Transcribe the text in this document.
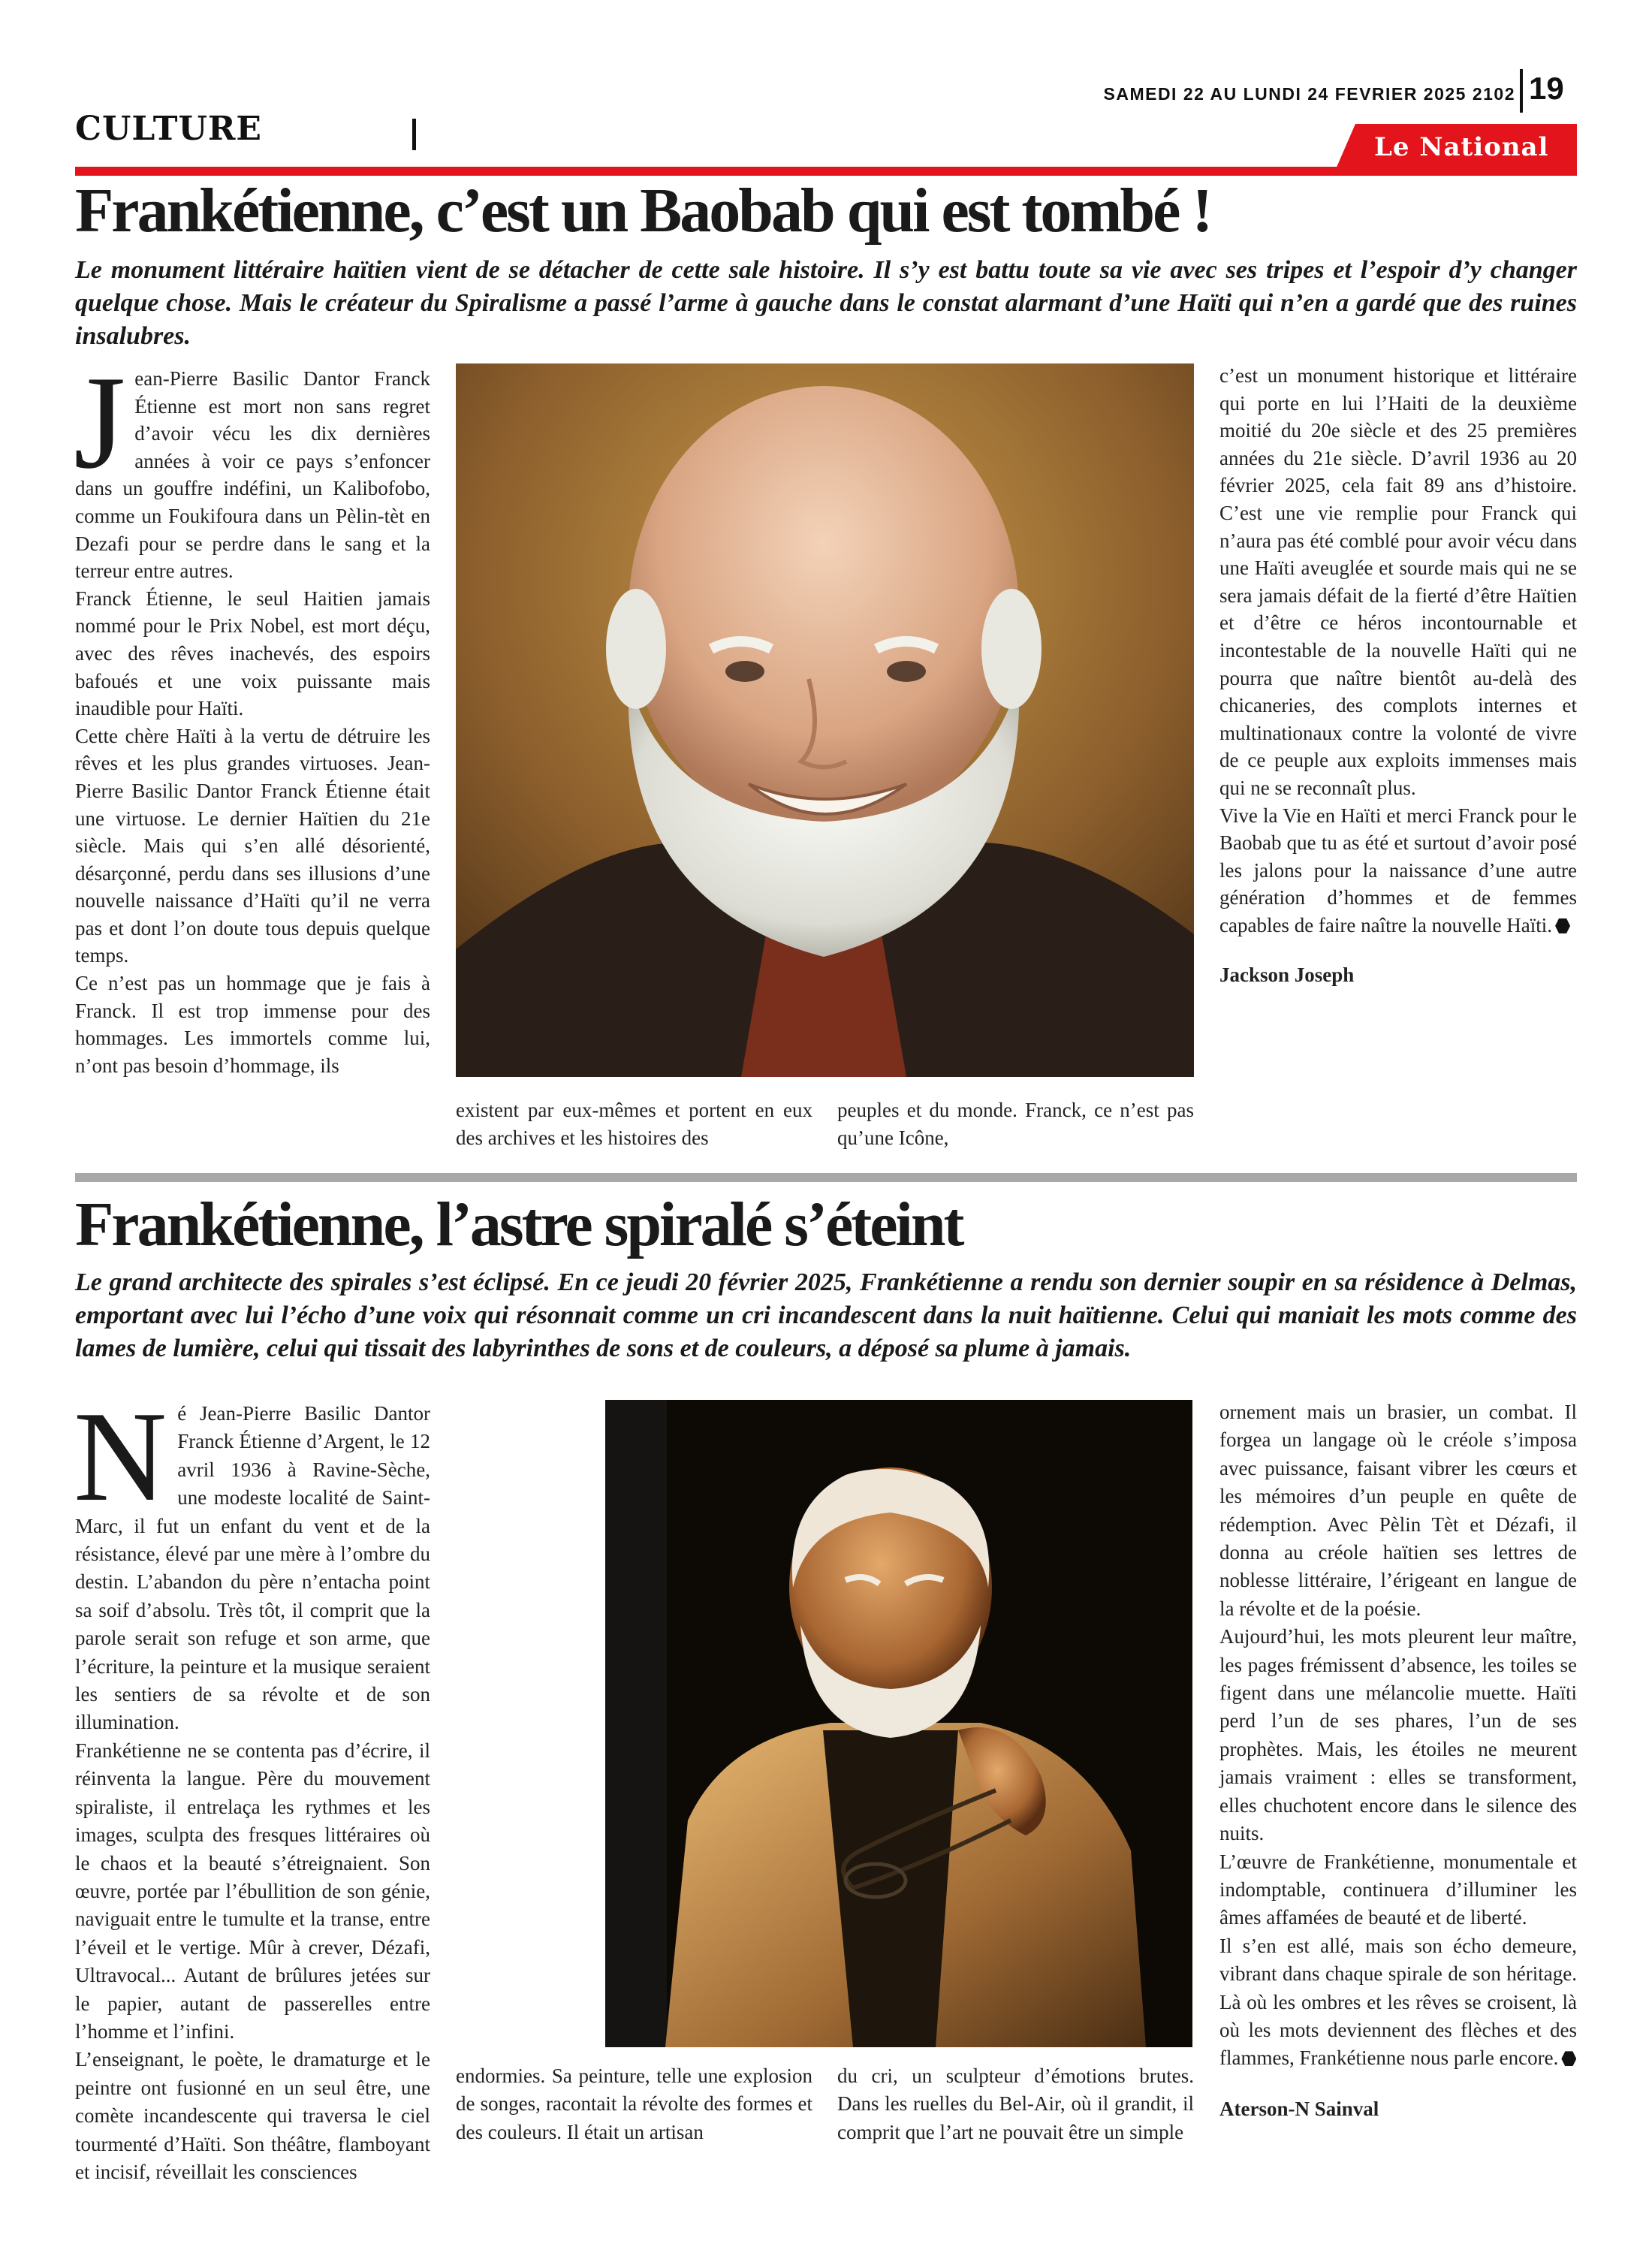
SAMEDI 22 AU LUNDI 24 FEVRIER 2025 2102 19
CULTURE	Le National
Frankétienne, c’est un Baobab qui est tombé !
Le monument littéraire haïtien vient de se détacher de cette sale histoire. Il s’y est battu toute sa vie avec ses tripes et l’espoir d’y changer quelque chose. Mais le créateur du Spiralisme a passé l’arme à gauche dans le constat alarmant d’une Haïti qui n’en a gardé que des ruines insalubres.
J ean-Pierre Basilic Dantor Franck Étienne est mort non sans regret d’avoir vécu les dix dernières années à voir ce pays s’enfoncer dans un gouffre indéfini, un Kalibofobo, comme un Foukifoura dans un Pèlin-tèt en Dezafi pour se perdre dans le sang et la terreur entre autres.

Franck Étienne, le seul Haitien jamais nommé pour le Prix Nobel, est mort déçu, avec des rêves inachevés, des espoirs bafoués et une voix puissante mais inaudible pour Haïti.

Cette chère Haïti à la vertu de détruire les rêves et les plus grandes virtuoses. Jean-Pierre Basilic Dantor Franck Étienne était une virtuose. Le dernier Haïtien du 21e siècle. Mais qui s’en allé désorienté, désarçonné, perdu dans ses illusions d’une nouvelle naissance d’Haïti qu’il ne verra pas et dont l’on doute tous depuis quelque temps.

Ce n’est pas un hommage que je fais à Franck. Il est trop immense pour des hommages. Les immortels comme lui, n’ont pas besoin d’hommage, ils

existent par eux-mêmes et portent en eux des archives et les histoires des

peuples et du monde. Franck, ce n’est pas qu’une Icône,

c’est un monument historique et littéraire qui porte en lui l’Haiti de la deuxième moitié du 20e siècle et des 25 premières années du 21e siècle. D’avril 1936 au 20 février 2025, cela fait 89 ans d’histoire. C’est une vie remplie pour Franck qui n’aura pas été comblé pour avoir vécu dans une Haïti aveuglée et sourde mais qui ne se sera jamais défait de la fierté d’être Haïtien et d’être ce héros incontournable et incontestable de la nouvelle Haïti qui ne pourra que naître bientôt au-delà des chicaneries, des complots internes et multinationaux contre la volonté de vivre de ce peuple aux exploits immenses mais qui ne se reconnaît plus.

Vive la Vie en Haïti et merci Franck pour le Baobab que tu as été et surtout d’avoir posé les jalons pour la naissance d’une autre génération d’hommes et de femmes capables de faire naître la nouvelle Haïti.

Jackson Joseph
Frankétienne, l’astre spiralé s’éteint
Le grand architecte des spirales s’est éclipsé. En ce jeudi 20 février 2025, Frankétienne a rendu son dernier soupir en sa résidence à Delmas, emportant avec lui l’écho d’une voix qui résonnait comme un cri incandescent dans la nuit haïtienne. Celui qui maniait les mots comme des lames de lumière, celui qui tissait des labyrinthes de sons et de couleurs, a déposé sa plume à jamais.
N é Jean-Pierre Basilic Dantor Franck Étienne d’Argent, le 12 avril 1936 à Ravine-Sèche, une modeste localité de Saint-Marc, il fut un enfant du vent et de la résistance, élevé par une mère à l’ombre du destin. L’abandon du père n’entacha point sa soif d’absolu. Très tôt, il comprit que la parole serait son refuge et son arme, que l’écriture, la peinture et la musique seraient les sentiers de sa révolte et de son illumination.

Frankétienne ne se contenta pas d’écrire, il réinventa la langue. Père du mouvement spiraliste, il entrelaça les rythmes et les images, sculpta des fresques littéraires où le chaos et la beauté s’étreignaient. Son œuvre, portée par l’ébullition de son génie, naviguait entre le tumulte et la transe, entre l’éveil et le vertige. Mûr à crever, Dézafi, Ultravocal... Autant de brûlures jetées sur le papier, autant de passerelles entre l’homme et l’infini.

L’enseignant, le poète, le dramaturge et le peintre ont fusionné en un seul être, une comète incandescente qui traversa le ciel tourmenté d’Haïti. Son théâtre, flamboyant et incisif, réveillait les consciences

endormies. Sa peinture, telle une explosion de songes, racontait la révolte des formes et des couleurs. Il était un artisan

du cri, un sculpteur d’émotions brutes. Dans les ruelles du Bel-Air, où il grandit, il comprit que l’art ne pouvait être un simple

ornement mais un brasier, un combat. Il forgea un langage où le créole s’imposa avec puissance, faisant vibrer les cœurs et les mémoires d’un peuple en quête de rédemption. Avec Pèlin Tèt et Dézafi, il donna au créole haïtien ses lettres de noblesse littéraire, l’érigeant en langue de la révolte et de la poésie.

Aujourd’hui, les mots pleurent leur maître, les pages frémissent d’absence, les toiles se figent dans une mélancolie muette. Haïti perd l’un de ses phares, l’un de ses prophètes. Mais, les étoiles ne meurent jamais vraiment : elles se transforment, elles chuchotent encore dans le silence des nuits.

L’œuvre de Frankétienne, monumentale et indomptable, continuera d’illuminer les âmes affamées de beauté et de liberté.

Il s’en est allé, mais son écho demeure, vibrant dans chaque spirale de son héritage. Là où les ombres et les rêves se croisent, là où les mots deviennent des flèches et des flammes, Frankétienne nous parle encore.

Aterson-N Sainval
